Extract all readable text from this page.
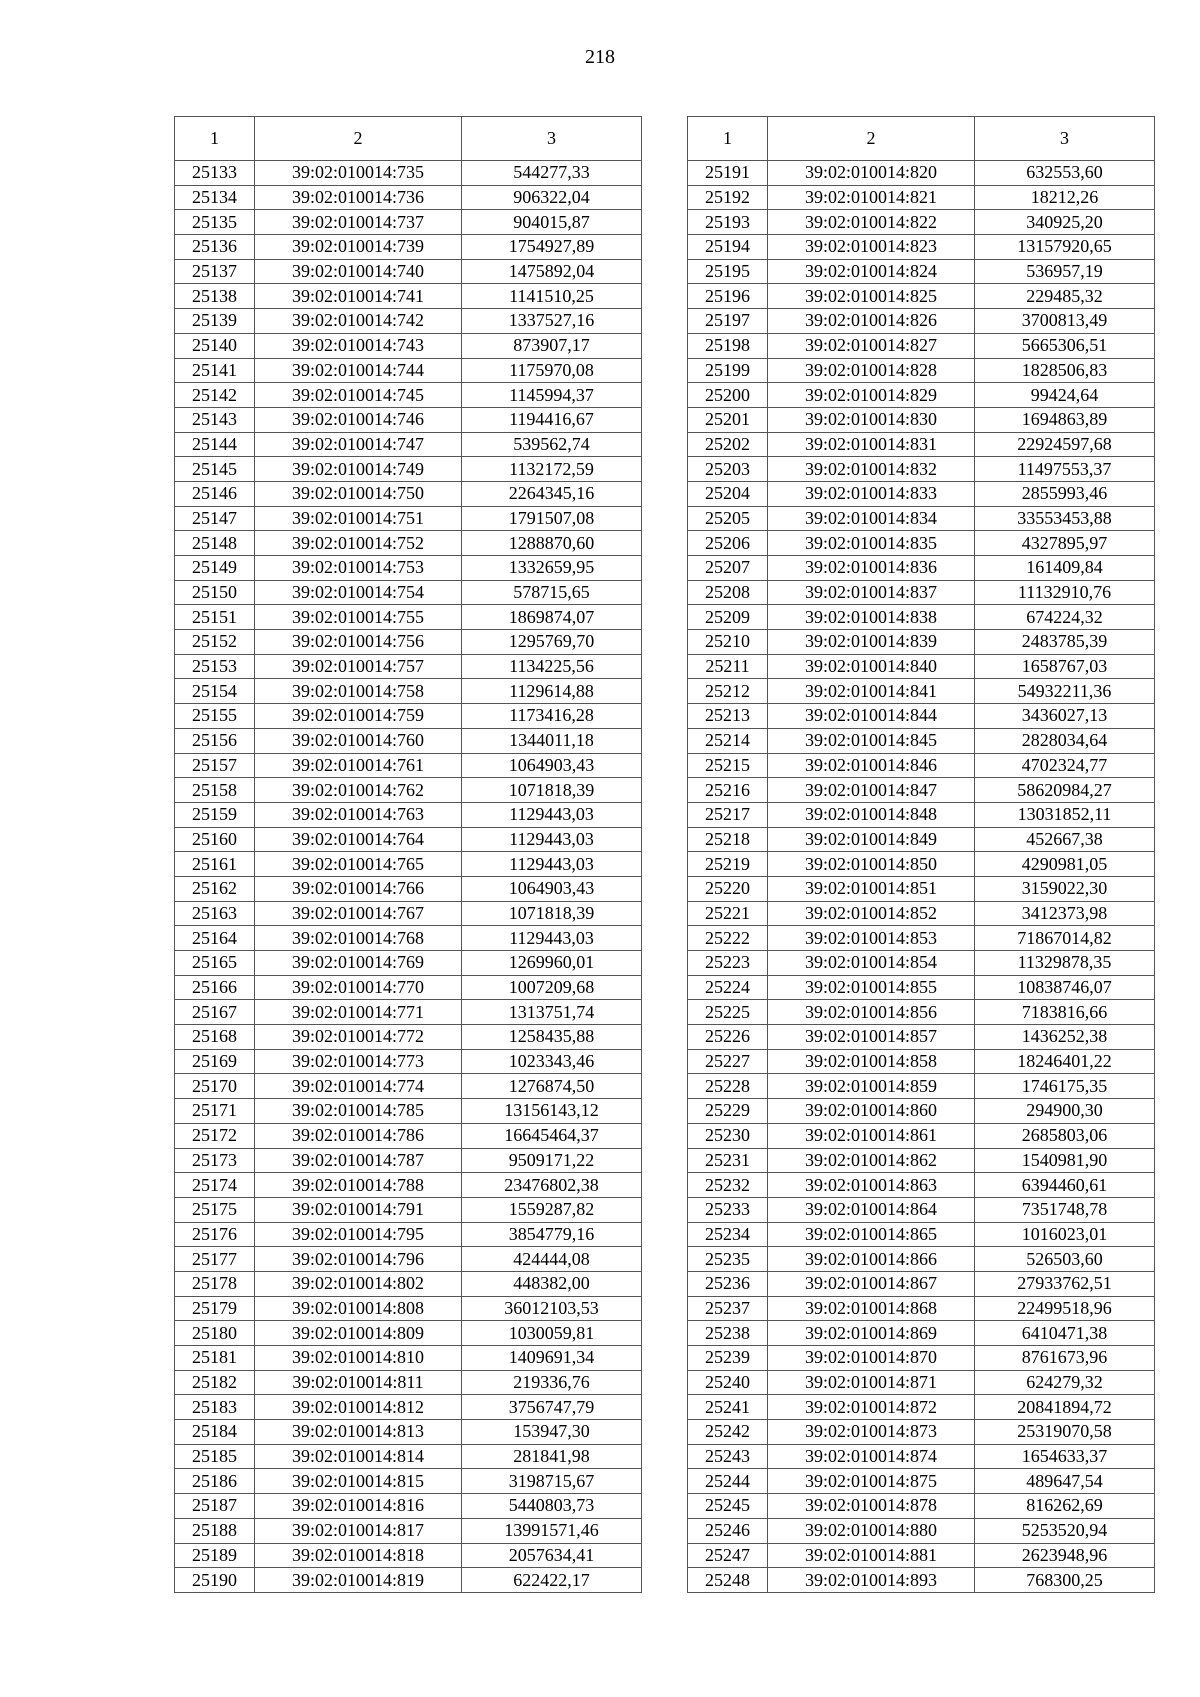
218
1	2	3
25133	39:02:010014:735	544277,33
25134	39:02:010014:736	906322,04
25135	39:02:010014:737	904015,87
25136	39:02:010014:739	1754927,89
25137	39:02:010014:740	1475892,04
25138	39:02:010014:741	1141510,25
25139	39:02:010014:742	1337527,16
25140	39:02:010014:743	873907,17
25141	39:02:010014:744	1175970,08
25142	39:02:010014:745	1145994,37
25143	39:02:010014:746	1194416,67
25144	39:02:010014:747	539562,74
25145	39:02:010014:749	1132172,59
25146	39:02:010014:750	2264345,16
25147	39:02:010014:751	1791507,08
25148	39:02:010014:752	1288870,60
25149	39:02:010014:753	1332659,95
25150	39:02:010014:754	578715,65
25151	39:02:010014:755	1869874,07
25152	39:02:010014:756	1295769,70
25153	39:02:010014:757	1134225,56
25154	39:02:010014:758	1129614,88
25155	39:02:010014:759	1173416,28
25156	39:02:010014:760	1344011,18
25157	39:02:010014:761	1064903,43
25158	39:02:010014:762	1071818,39
25159	39:02:010014:763	1129443,03
25160	39:02:010014:764	1129443,03
25161	39:02:010014:765	1129443,03
25162	39:02:010014:766	1064903,43
25163	39:02:010014:767	1071818,39
25164	39:02:010014:768	1129443,03
25165	39:02:010014:769	1269960,01
25166	39:02:010014:770	1007209,68
25167	39:02:010014:771	1313751,74
25168	39:02:010014:772	1258435,88
25169	39:02:010014:773	1023343,46
25170	39:02:010014:774	1276874,50
25171	39:02:010014:785	13156143,12
25172	39:02:010014:786	16645464,37
25173	39:02:010014:787	9509171,22
25174	39:02:010014:788	23476802,38
25175	39:02:010014:791	1559287,82
25176	39:02:010014:795	3854779,16
25177	39:02:010014:796	424444,08
25178	39:02:010014:802	448382,00
25179	39:02:010014:808	36012103,53
25180	39:02:010014:809	1030059,81
25181	39:02:010014:810	1409691,34
25182	39:02:010014:811	219336,76
25183	39:02:010014:812	3756747,79
25184	39:02:010014:813	153947,30
25185	39:02:010014:814	281841,98
25186	39:02:010014:815	3198715,67
25187	39:02:010014:816	5440803,73
25188	39:02:010014:817	13991571,46
25189	39:02:010014:818	2057634,41
25190	39:02:010014:819	622422,17
1	2	3
25191	39:02:010014:820	632553,60
25192	39:02:010014:821	18212,26
25193	39:02:010014:822	340925,20
25194	39:02:010014:823	13157920,65
25195	39:02:010014:824	536957,19
25196	39:02:010014:825	229485,32
25197	39:02:010014:826	3700813,49
25198	39:02:010014:827	5665306,51
25199	39:02:010014:828	1828506,83
25200	39:02:010014:829	99424,64
25201	39:02:010014:830	1694863,89
25202	39:02:010014:831	22924597,68
25203	39:02:010014:832	11497553,37
25204	39:02:010014:833	2855993,46
25205	39:02:010014:834	33553453,88
25206	39:02:010014:835	4327895,97
25207	39:02:010014:836	161409,84
25208	39:02:010014:837	11132910,76
25209	39:02:010014:838	674224,32
25210	39:02:010014:839	2483785,39
25211	39:02:010014:840	1658767,03
25212	39:02:010014:841	54932211,36
25213	39:02:010014:844	3436027,13
25214	39:02:010014:845	2828034,64
25215	39:02:010014:846	4702324,77
25216	39:02:010014:847	58620984,27
25217	39:02:010014:848	13031852,11
25218	39:02:010014:849	452667,38
25219	39:02:010014:850	4290981,05
25220	39:02:010014:851	3159022,30
25221	39:02:010014:852	3412373,98
25222	39:02:010014:853	71867014,82
25223	39:02:010014:854	11329878,35
25224	39:02:010014:855	10838746,07
25225	39:02:010014:856	7183816,66
25226	39:02:010014:857	1436252,38
25227	39:02:010014:858	18246401,22
25228	39:02:010014:859	1746175,35
25229	39:02:010014:860	294900,30
25230	39:02:010014:861	2685803,06
25231	39:02:010014:862	1540981,90
25232	39:02:010014:863	6394460,61
25233	39:02:010014:864	7351748,78
25234	39:02:010014:865	1016023,01
25235	39:02:010014:866	526503,60
25236	39:02:010014:867	27933762,51
25237	39:02:010014:868	22499518,96
25238	39:02:010014:869	6410471,38
25239	39:02:010014:870	8761673,96
25240	39:02:010014:871	624279,32
25241	39:02:010014:872	20841894,72
25242	39:02:010014:873	25319070,58
25243	39:02:010014:874	1654633,37
25244	39:02:010014:875	489647,54
25245	39:02:010014:878	816262,69
25246	39:02:010014:880	5253520,94
25247	39:02:010014:881	2623948,96
25248	39:02:010014:893	768300,25
